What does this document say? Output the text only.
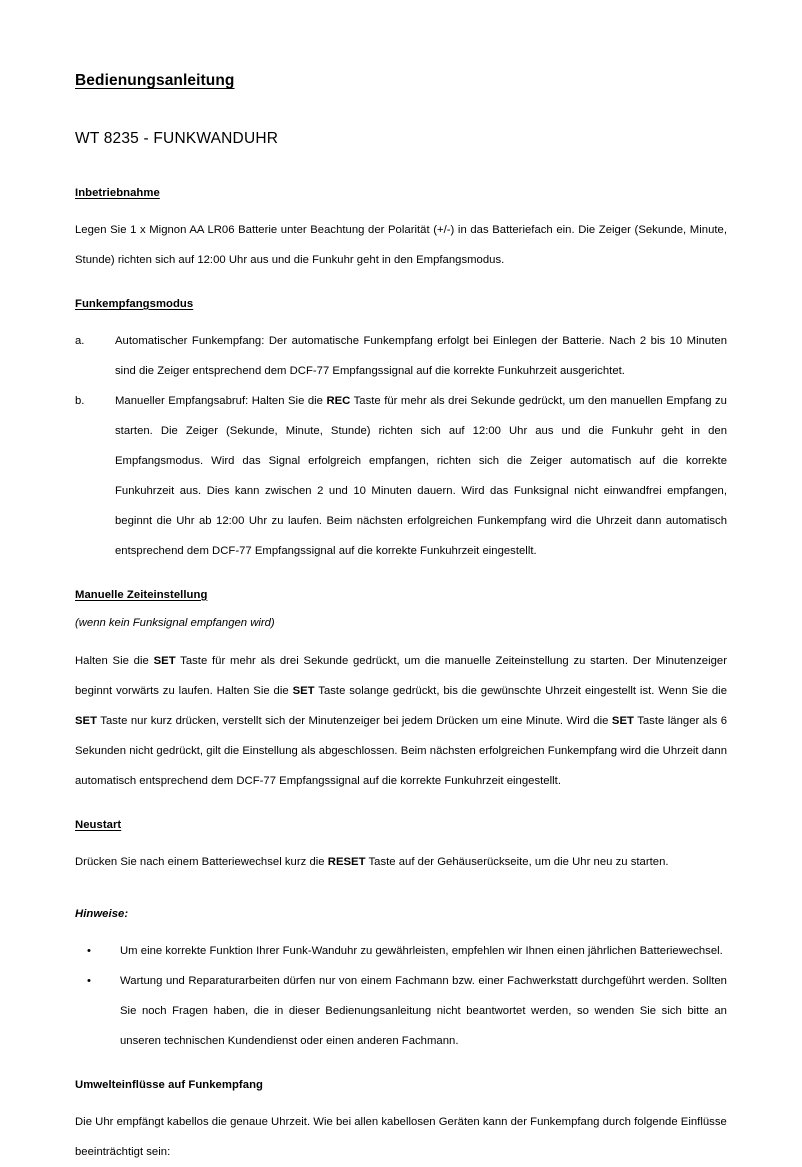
Bedienungsanleitung
WT 8235 - FUNKWANDUHR
Inbetriebnahme

Legen Sie 1 x Mignon AA LR06 Batterie unter Beachtung der Polarität (+/-) in das Batteriefach ein. Die Zeiger (Sekunde, Minute, Stunde) richten sich auf 12:00 Uhr aus und die Funkuhr geht in den Empfangsmodus.

Funkempfangsmodus
a.	Automatischer Funkempfang: Der automatische Funkempfang erfolgt bei Einlegen der Batterie. Nach 2 bis 10 Minuten sind die Zeiger entsprechend dem DCF-77 Empfangssignal auf die korrekte Funkuhrzeit ausgerichtet.
b.	Manueller Empfangsabruf: Halten Sie die REC Taste für mehr als drei Sekunde gedrückt, um den manuellen Empfang zu starten. Die Zeiger (Sekunde, Minute, Stunde) richten sich auf 12:00 Uhr aus und die Funkuhr geht in den Empfangsmodus. Wird das Signal erfolgreich empfangen, richten sich die Zeiger automatisch auf die korrekte Funkuhrzeit aus. Dies kann zwischen 2 und 10 Minuten dauern. Wird das Funksignal nicht einwandfrei empfangen, beginnt die Uhr ab 12:00 Uhr zu laufen. Beim nächsten erfolgreichen Funkempfang wird die Uhrzeit dann automatisch entsprechend dem DCF-77 Empfangssignal auf die korrekte Funkuhrzeit eingestellt.
Manuelle Zeiteinstellung
(wenn kein Funksignal empfangen wird)

Halten Sie die SET Taste für mehr als drei Sekunde gedrückt, um die manuelle Zeiteinstellung zu starten. Der Minutenzeiger beginnt vorwärts zu laufen. Halten Sie die SET Taste solange gedrückt, bis die gewünschte Uhrzeit eingestellt ist. Wenn Sie die SET Taste nur kurz drücken, verstellt sich der Minutenzeiger bei jedem Drücken um eine Minute. Wird die SET Taste länger als 6 Sekunden nicht gedrückt, gilt die Einstellung als abgeschlossen. Beim nächsten erfolgreichen Funkempfang wird die Uhrzeit dann automatisch entsprechend dem DCF-77 Empfangssignal auf die korrekte Funkuhrzeit eingestellt.

Neustart

Drücken Sie nach einem Batteriewechsel kurz die RESET Taste auf der Gehäuserückseite, um die Uhr neu zu starten.

Hinweise:
•	Um eine korrekte Funktion Ihrer Funk-Wanduhr zu gewährleisten, empfehlen wir Ihnen einen jährlichen Batteriewechsel.
•	Wartung und Reparaturarbeiten dürfen nur von einem Fachmann bzw. einer Fachwerkstatt durchgeführt werden. Sollten Sie noch Fragen haben, die in dieser Bedienungsanleitung nicht beantwortet werden, so wenden Sie sich bitte an unseren technischen Kundendienst oder einen anderen Fachmann.
Umwelteinflüsse auf Funkempfang

Die Uhr empfängt kabellos die genaue Uhrzeit. Wie bei allen kabellosen Geräten kann der Funkempfang durch folgende Einflüsse beeinträchtigt sein:
